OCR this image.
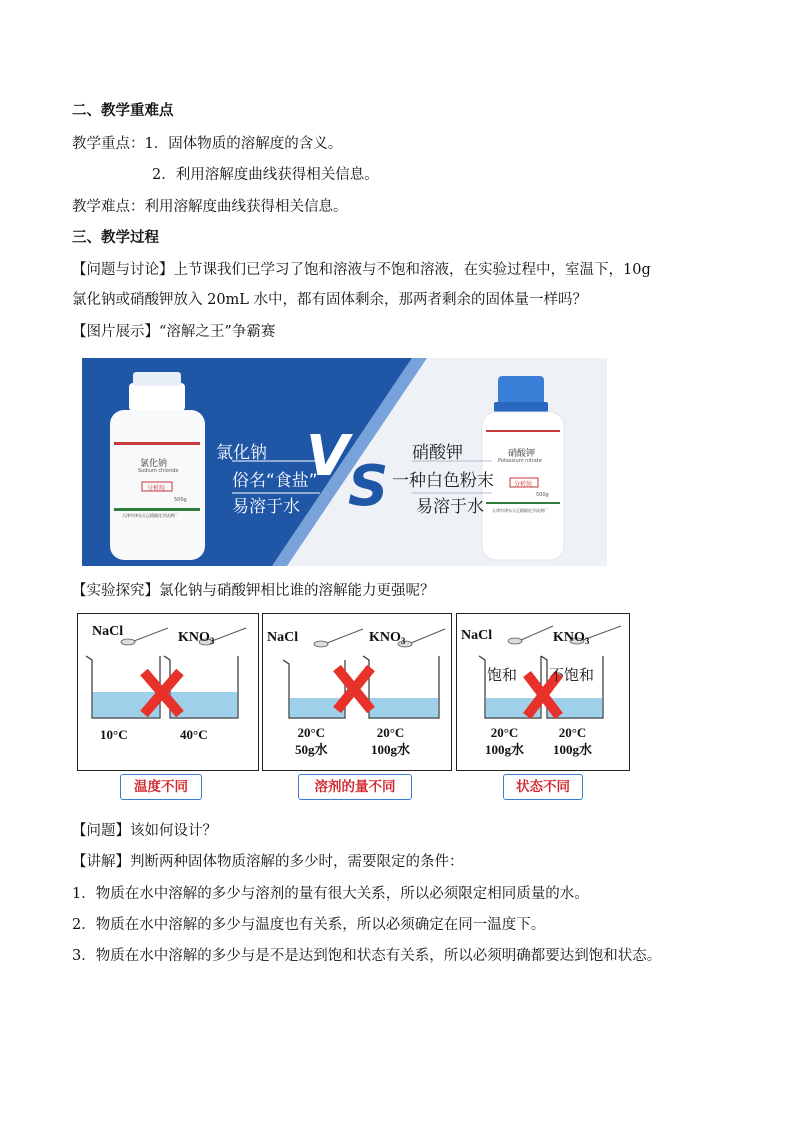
二、教学重难点
教学重点：1．固体物质的溶解度的含义。
2．利用溶解度曲线获得相关信息。
教学难点：利用溶解度曲线获得相关信息。
三、教学过程
【问题与讨论】上节课我们已学习了饱和溶液与不饱和溶液，在实验过程中，室温下，10g
氯化钠或硝酸钾放入 20mL 水中，都有固体剩余，那两者剩余的固体量一样吗？
【图片展示】“溶解之王”争霸赛
氯化钠
Sodium chloride
分析纯
500g
天津市津东天正精细化学试剂厂
氯化钠
俗名“食盐”
易溶于水
V
S
硝酸钾
一种白色粉末
易溶于水
硝酸钾
Potassium nitrate
分析纯
500g
天津市津东天正精细化学试剂厂
【实验探究】氯化钠与硝酸钾相比谁的溶解能力更强呢？
NaCl	$KNO_3$
10°C	40°C
温度不同
NaCl	$KNO_3$
20°C
50g水
20°C
100g水
溶剂的量不同
NaCl	$KNO_3$
饱和 不饱和
20°C
100g水
20°C
100g水
状态不同
【问题】该如何设计？
【讲解】判断两种固体物质溶解的多少时，需要限定的条件：
1．物质在水中溶解的多少与溶剂的量有很大关系，所以必须限定相同质量的水。
2．物质在水中溶解的多少与温度也有关系，所以必须确定在同一温度下。
3．物质在水中溶解的多少与是不是达到饱和状态有关系，所以必须明确都要达到饱和状态。
